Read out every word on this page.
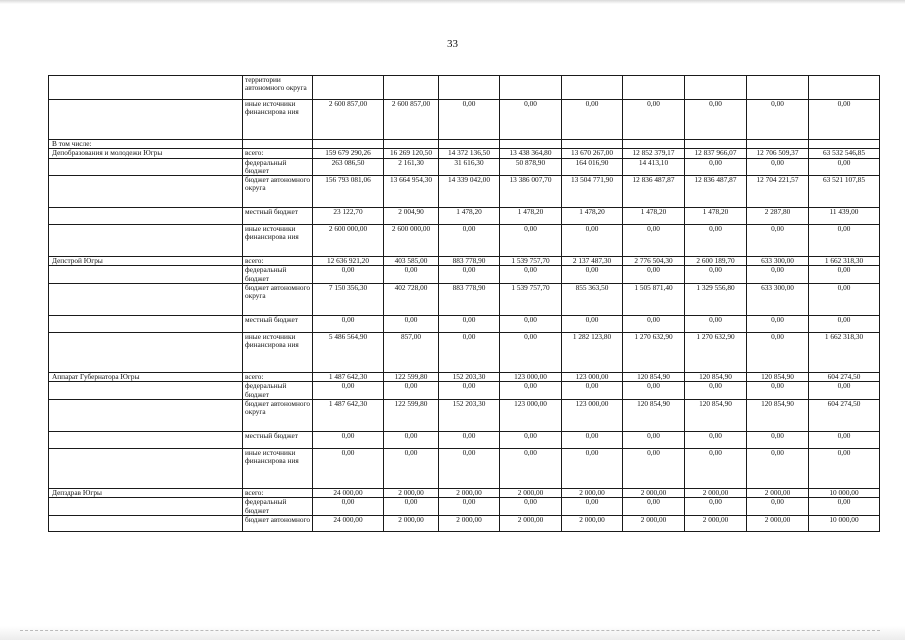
33
	территории автономного округа									
	иные источники финансирова ния	2 600 857,00	2 600 857,00	0,00	0,00	0,00	0,00	0,00	0,00	0,00
В том числе:										
Депобразования и молодежи Югры	всего:	159 679 290,26	16 269 120,50	14 372 136,50	13 438 364,80	13 670 267,00	12 852 379,17	12 837 966,07	12 706 509,37	63 532 546,85
	федеральный бюджет	263 086,50	2 161,30	31 616,30	50 878,90	164 016,90	14 413,10	0,00	0,00	0,00
	бюджет автономного округа	156 793 081,06	13 664 954,30	14 339 042,00	13 386 007,70	13 504 771,90	12 836 487,87	12 836 487,87	12 704 221,57	63 521 107,85
	местный бюджет	23 122,70	2 004,90	1 478,20	1 478,20	1 478,20	1 478,20	1 478,20	2 287,80	11 439,00
	иные источники финансирова ния	2 600 000,00	2 600 000,00	0,00	0,00	0,00	0,00	0,00	0,00	0,00
Депстрой Югры	всего:	12 636 921,20	403 585,00	883 778,90	1 539 757,70	2 137 487,30	2 776 504,30	2 600 189,70	633 300,00	1 662 318,30
	федеральный бюджет	0,00	0,00	0,00	0,00	0,00	0,00	0,00	0,00	0,00
	бюджет автономного округа	7 150 356,30	402 728,00	883 778,90	1 539 757,70	855 363,50	1 505 871,40	1 329 556,80	633 300,00	0,00
	местный бюджет	0,00	0,00	0,00	0,00	0,00	0,00	0,00	0,00	0,00
	иные источники финансирова ния	5 486 564,90	857,00	0,00	0,00	1 282 123,80	1 270 632,90	1 270 632,90	0,00	1 662 318,30
Аппарат Губернатора Югры	всего:	1 487 642,30	122 599,80	152 203,30	123 000,00	123 000,00	120 854,90	120 854,90	120 854,90	604 274,50
	федеральный бюджет	0,00	0,00	0,00	0,00	0,00	0,00	0,00	0,00	0,00
	бюджет автономного округа	1 487 642,30	122 599,80	152 203,30	123 000,00	123 000,00	120 854,90	120 854,90	120 854,90	604 274,50
	местный бюджет	0,00	0,00	0,00	0,00	0,00	0,00	0,00	0,00	0,00
	иные источники финансирова ния	0,00	0,00	0,00	0,00	0,00	0,00	0,00	0,00	0,00
Депздрав Югры	всего:	24 000,00	2 000,00	2 000,00	2 000,00	2 000,00	2 000,00	2 000,00	2 000,00	10 000,00
	федеральный бюджет	0,00	0,00	0,00	0,00	0,00	0,00	0,00	0,00	0,00
	бюджет автономного	24 000,00	2 000,00	2 000,00	2 000,00	2 000,00	2 000,00	2 000,00	2 000,00	10 000,00
